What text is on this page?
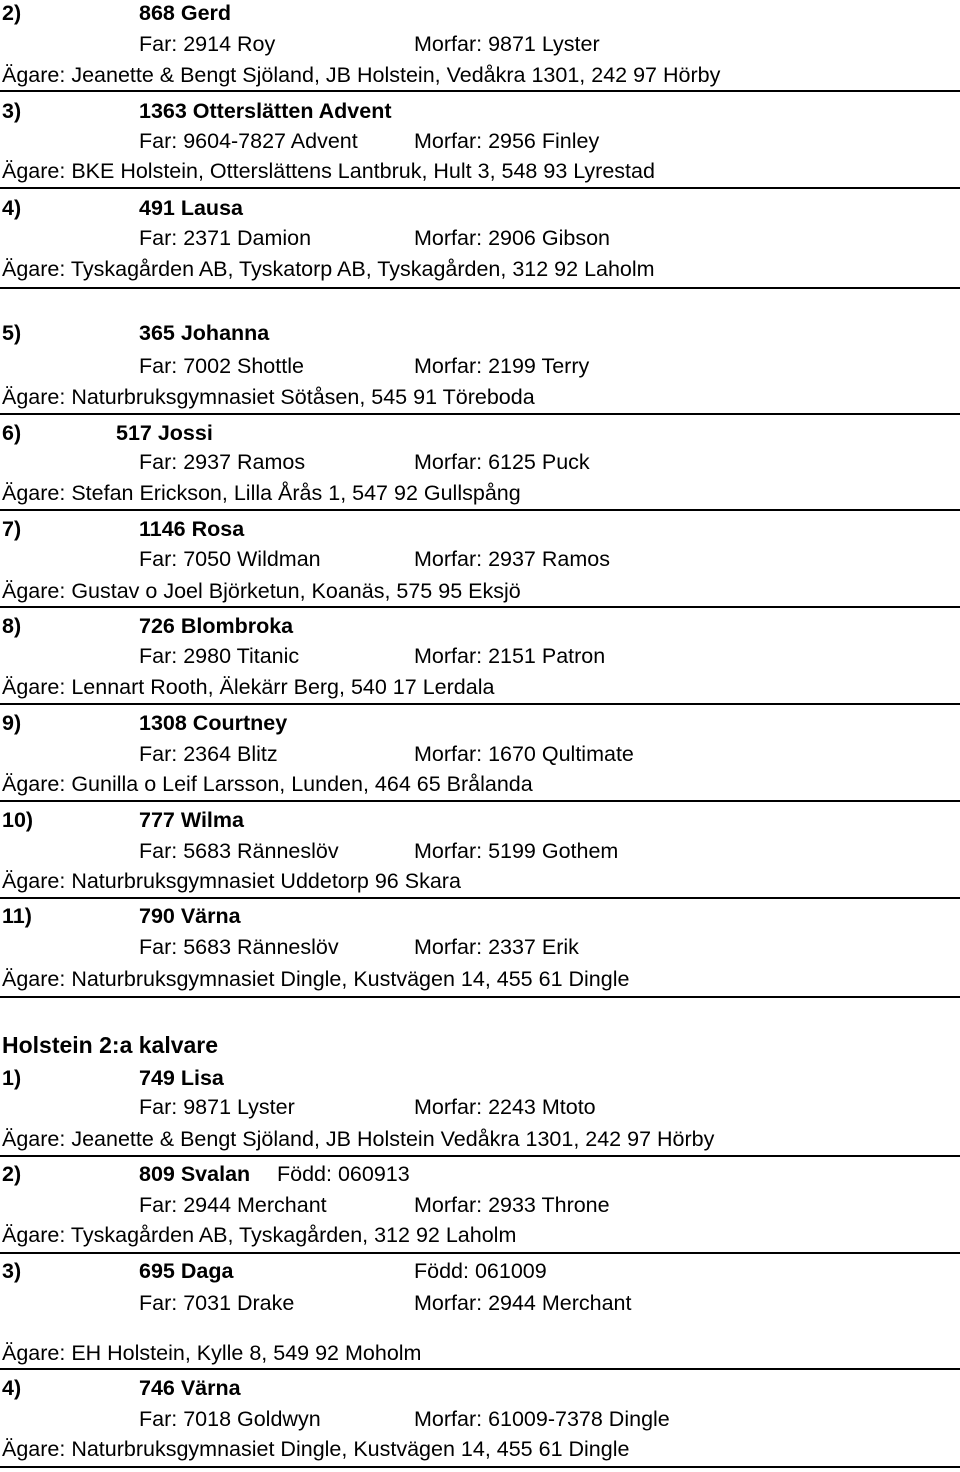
2)	868 Gerd
Far: 2914 Roy	Morfar: 9871 Lyster
Ägare: Jeanette & Bengt Sjöland, JB Holstein, Vedåkra 1301, 242 97 Hörby
3)	1363 Otterslätten Advent
Far: 9604-7827 Advent	Morfar: 2956 Finley
Ägare: BKE Holstein, Otterslättens Lantbruk, Hult 3, 548 93 Lyrestad
4)	491 Lausa
Far: 2371 Damion	Morfar: 2906 Gibson
Ägare: Tyskagården AB, Tyskatorp AB, Tyskagården, 312 92 Laholm
5)	365 Johanna
Far: 7002 Shottle	Morfar: 2199 Terry
Ägare: Naturbruksgymnasiet Sötåsen, 545 91 Töreboda
6)	517 Jossi
Far: 2937 Ramos	Morfar: 6125 Puck
Ägare: Stefan Erickson, Lilla Årås 1, 547 92 Gullspång
7)	1146 Rosa
Far: 7050 Wildman	Morfar: 2937 Ramos
Ägare: Gustav o Joel Björketun, Koanäs, 575 95 Eksjö
8)	726 Blombroka
Far: 2980 Titanic	Morfar: 2151 Patron
Ägare: Lennart Rooth, Älekärr Berg, 540 17 Lerdala
9)	1308 Courtney
Far: 2364 Blitz	Morfar: 1670 Qultimate
Ägare: Gunilla o Leif Larsson, Lunden, 464 65 Brålanda
10)	777 Wilma
Far: 5683 Ränneslöv	Morfar: 5199 Gothem
Ägare: Naturbruksgymnasiet Uddetorp 96 Skara
11)	790 Värna
Far: 5683 Ränneslöv	Morfar: 2337 Erik
Ägare: Naturbruksgymnasiet Dingle, Kustvägen 14, 455 61 Dingle
Holstein 2:a kalvare
1)	749 Lisa
Far: 9871 Lyster	Morfar: 2243 Mtoto
Ägare: Jeanette & Bengt Sjöland, JB Holstein Vedåkra 1301, 242 97 Hörby
2)	809 Svalan Född: 060913
Far: 2944 Merchant	Morfar: 2933 Throne
Ägare: Tyskagården AB, Tyskagården, 312 92 Laholm
3)	695 Daga	Född: 061009
Far: 7031 Drake	Morfar: 2944 Merchant
Ägare: EH Holstein, Kylle 8, 549 92 Moholm
4)	746 Värna
Far: 7018 Goldwyn	Morfar: 61009-7378 Dingle
Ägare: Naturbruksgymnasiet Dingle, Kustvägen 14, 455 61 Dingle
